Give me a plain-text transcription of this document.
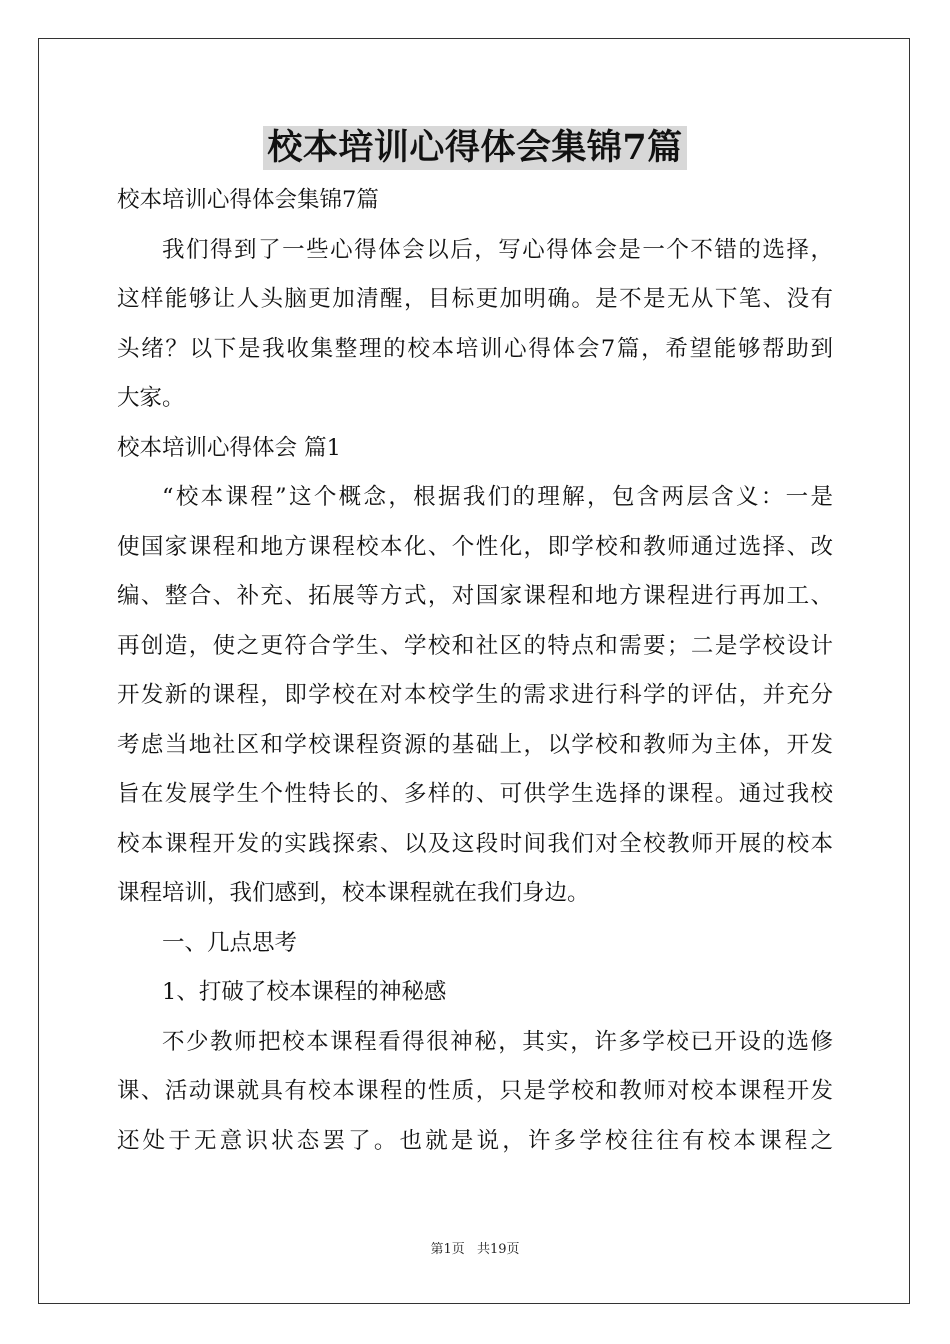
校本培训心得体会集锦7篇
校本培训心得体会集锦7篇
我们得到了一些心得体会以后，写心得体会是一个不错的选择，
这样能够让人头脑更加清醒，目标更加明确。是不是无从下笔、没有
头绪？以下是我收集整理的校本培训心得体会7篇，希望能够帮助到
大家。
校本培训心得体会 篇1
“校本课程”这个概念，根据我们的理解，包含两层含义：一是
使国家课程和地方课程校本化、个性化，即学校和教师通过选择、改
编、整合、补充、拓展等方式，对国家课程和地方课程进行再加工、
再创造，使之更符合学生、学校和社区的特点和需要；二是学校设计
开发新的课程，即学校在对本校学生的需求进行科学的评估，并充分
考虑当地社区和学校课程资源的基础上，以学校和教师为主体，开发
旨在发展学生个性特长的、多样的、可供学生选择的课程。通过我校
校本课程开发的实践探索、以及这段时间我们对全校教师开展的校本
课程培训，我们感到，校本课程就在我们身边。
一、几点思考
1、打破了校本课程的神秘感
不少教师把校本课程看得很神秘，其实，许多学校已开设的选修
课、活动课就具有校本课程的性质，只是学校和教师对校本课程开发
还处于无意识状态罢了。也就是说，许多学校往往有校本课程之
第1页 共19页
